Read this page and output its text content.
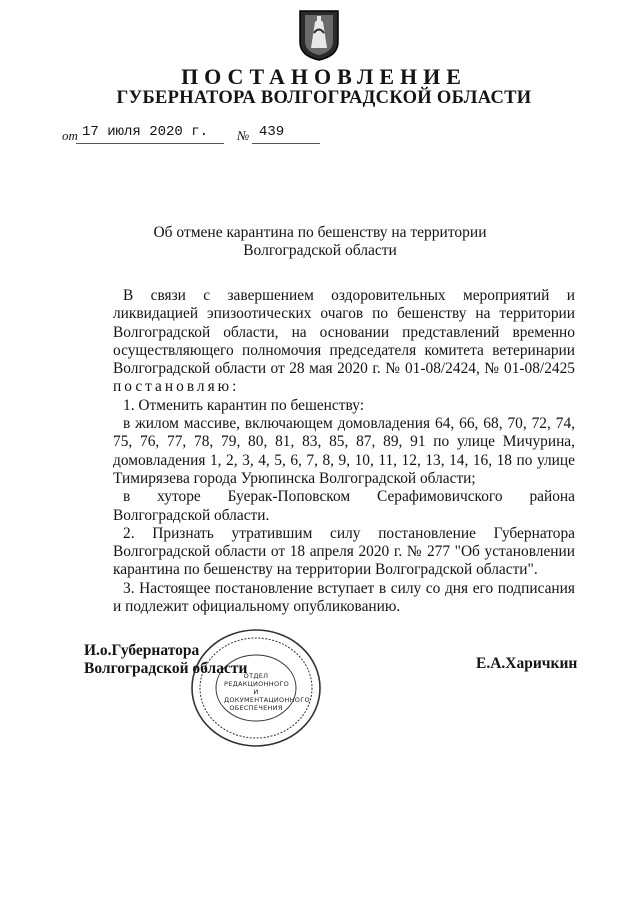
ПОСТАНОВЛЕНИЕ
ГУБЕРНАТОРА ВОЛГОГРАДСКОЙ ОБЛАСТИ
от 17 июля 2020 г. № 439
Об отмене карантина по бешенству на территории
Волгоградской области

В связи с завершением оздоровительных мероприятий и ликвидацией эпизоотических очагов по бешенству на территории Волгоградской области, на основании представлений временно осуществляющего полномочия председателя комитета ветеринарии Волгоградской области от 28 мая 2020 г. № 01-08/2424, № 01-08/2425 постановляю:

1. Отменить карантин по бешенству:

в жилом массиве, включающем домовладения 64, 66, 68, 70, 72, 74, 75, 76, 77, 78, 79, 80, 81, 83, 85, 87, 89, 91 по улице Мичурина, домовладения 1, 2, 3, 4, 5, 6, 7, 8, 9, 10, 11, 12, 13, 14, 16, 18 по улице Тимирязева города Урюпинска Волгоградской области;

в хуторе Буерак-Поповском Серафимовичского района Волгоградской области.

2. Признать утратившим силу постановление Губернатора Волгоградской области от 18 апреля 2020 г. № 277 "Об установлении карантина по бешенству на территории Волгоградской области".

3. Настоящее постановление вступает в силу со дня его подписания и подлежит официальному опубликованию.

ОТДЕЛ
РЕДАКЦИОННОГО И
ДОКУМЕНТАЦИОННОГО
ОБЕСПЕЧЕНИЯ
И.о.Губернатора
Волгоградской области	Е.А.Харичкин
